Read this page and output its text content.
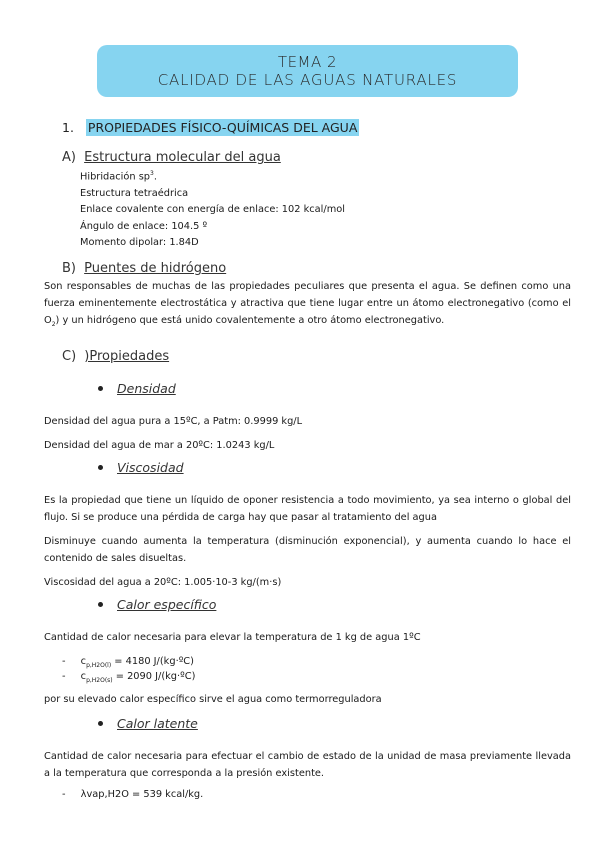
TEMA 2
CALIDAD DE LAS AGUAS NATURALES
1. PROPIEDADES FÍSICO-QUÍMICAS DEL AGUA
A) Estructura molecular del agua
Hibridación $sp^3$.
Estructura tetraédrica
Enlace covalente con energía de enlace: 102 kcal/mol
Ángulo de enlace: 104.5 º
Momento dipolar: 1.84D
B) Puentes de hidrógeno
Son responsables de muchas de las propiedades peculiares que presenta el agua. Se definen como una fuerza eminentemente electrostática y atractiva que tiene lugar entre un átomo electronegativo (como el $O_2$) y un hidrógeno que está unido covalentemente a otro átomo electronegativo.
C) )Propiedades
Densidad
Densidad del agua pura a 15ºC, a Patm: 0.9999 kg/L
Densidad del agua de mar a 20ºC: 1.0243 kg/L
Viscosidad
Es la propiedad que tiene un líquido de oponer resistencia a todo movimiento, ya sea interno o global del flujo. Si se produce una pérdida de carga hay que pasar al tratamiento del agua
Disminuye cuando aumenta la temperatura (disminución exponencial), y aumenta cuando lo hace el contenido de sales disueltas.
Viscosidad del agua a 20ºC: 1.005·10-3 kg/(m·s)
Calor específico
Cantidad de calor necesaria para elevar la temperatura de 1 kg de agua 1ºC
- $c_{p,H2O(l)} = 4180$ J/(kg·ºC)
- $c_{p,H2O(s)} = 2090$ J/(kg·ºC)
por su elevado calor específico sirve el agua como termorreguladora
Calor latente
Cantidad de calor necesaria para efectuar el cambio de estado de la unidad de masa previamente llevada a la temperatura que corresponda a la presión existente.
- λvap,H2O = 539 kcal/kg.
